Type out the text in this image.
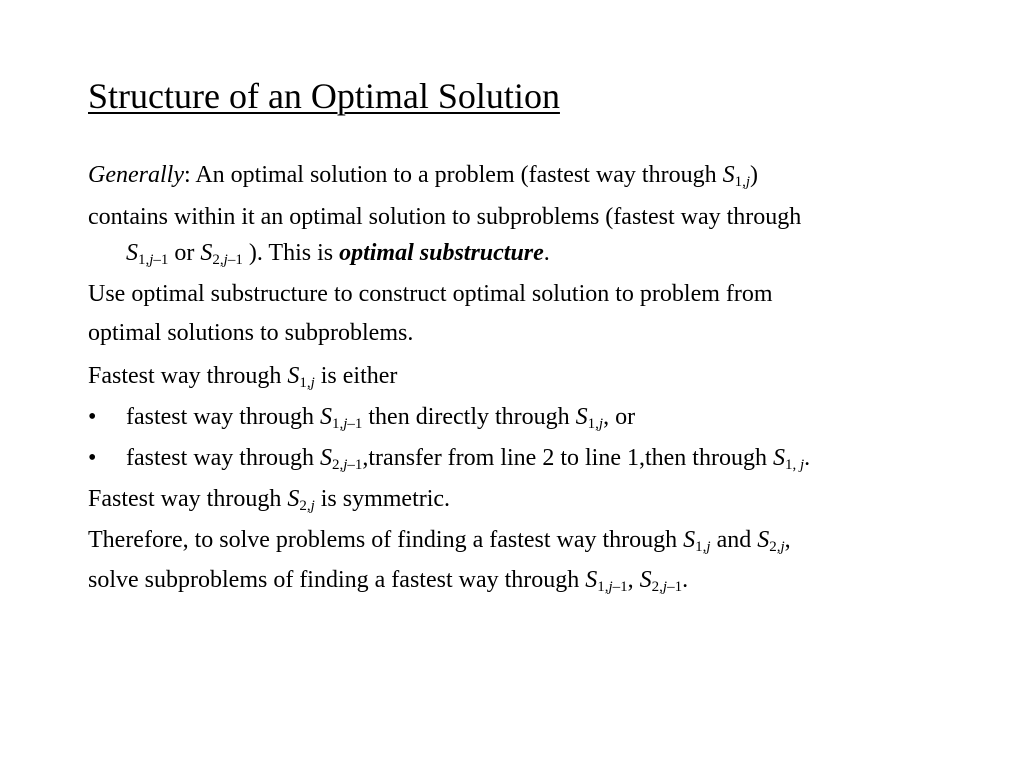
Structure of an Optimal Solution
Generally: An optimal solution to a problem (fastest way through $S_{1,j}$)
contains within it an optimal solution to subproblems (fastest way through
$S_{1,j-1}$ or $S_{2,j-1}$ ). This is optimal substructure.
Use optimal substructure to construct optimal solution to problem from
optimal solutions to subproblems.
Fastest way through $S_{1,j}$ is either
• fastest way through $S_{1,j-1}$ then directly through $S_{1,j}$, or
• fastest way through $S_{2,j-1},transfer$ from line 2 to line 1,then through $S_{1, j}$.
Fastest way through $S_{2,j}$ is symmetric.
Therefore, to solve problems of finding a fastest way through $S_{1,j}$ and $S_{2,j}$,
solve subproblems of finding a fastest way through $S_{1,j-1}$, $S_{2,j-1}$.
